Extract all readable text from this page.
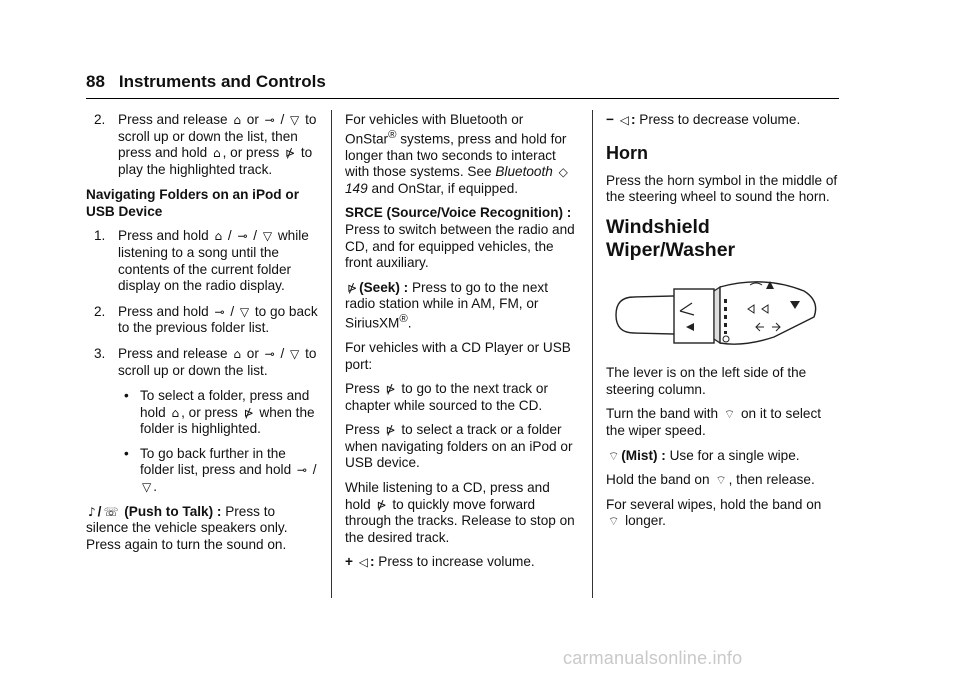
88 Instruments and Controls
2. Press and release ⌂ or ⊸ / ▽ to scroll up or down the list, then press and hold ⌂ , or press ⋫ to play the highlighted track.

Navigating Folders on an iPod or USB Device

1. Press and hold ⌂ / ⊸ / ▽ while listening to a song until the contents of the current folder display on the radio display.
2. Press and hold ⊸ / ▽ to go back to the previous folder list.
3. Press and release ⌂ or ⊸ / ▽ to scroll up or down the list.
• To select a folder, press and hold ⌂ , or press ⋫ when the folder is highlighted.
• To go back further in the folder list, press and hold ⊸ / ▽ .

♪ / ☏ (Push to Talk) : Press to silence the vehicle speakers only. Press again to turn the sound on.

For vehicles with Bluetooth or OnStar® systems, press and hold for longer than two seconds to interact with those systems. See Bluetooth ◇149 and OnStar, if equipped.

SRCE (Source/Voice Recognition) : Press to switch between the radio and CD, and for equipped vehicles, the front auxiliary.

⋫ (Seek) : Press to go to the next radio station while in AM, FM, or SiriusXM®.

For vehicles with a CD Player or USB port:

Press ⋫ to go to the next track or chapter while sourced to the CD.

Press ⋫ to select a track or a folder when navigating folders on an iPod or USB device.

While listening to a CD, press and hold ⋫ to quickly move forward through the tracks. Release to stop on the desired track.

+ ◁ : Press to increase volume.

− ◁ : Press to decrease volume.

Horn

Press the horn symbol in the middle of the steering wheel to sound the horn.

Windshield Wiper/Washer

The lever is on the left side of the steering column.

Turn the band with ⌔ on it to select the wiper speed.

⌔ (Mist) : Use for a single wipe.

Hold the band on ⌔ , then release.

For several wipes, hold the band on ⌔ longer.

carmanualsonline.info
